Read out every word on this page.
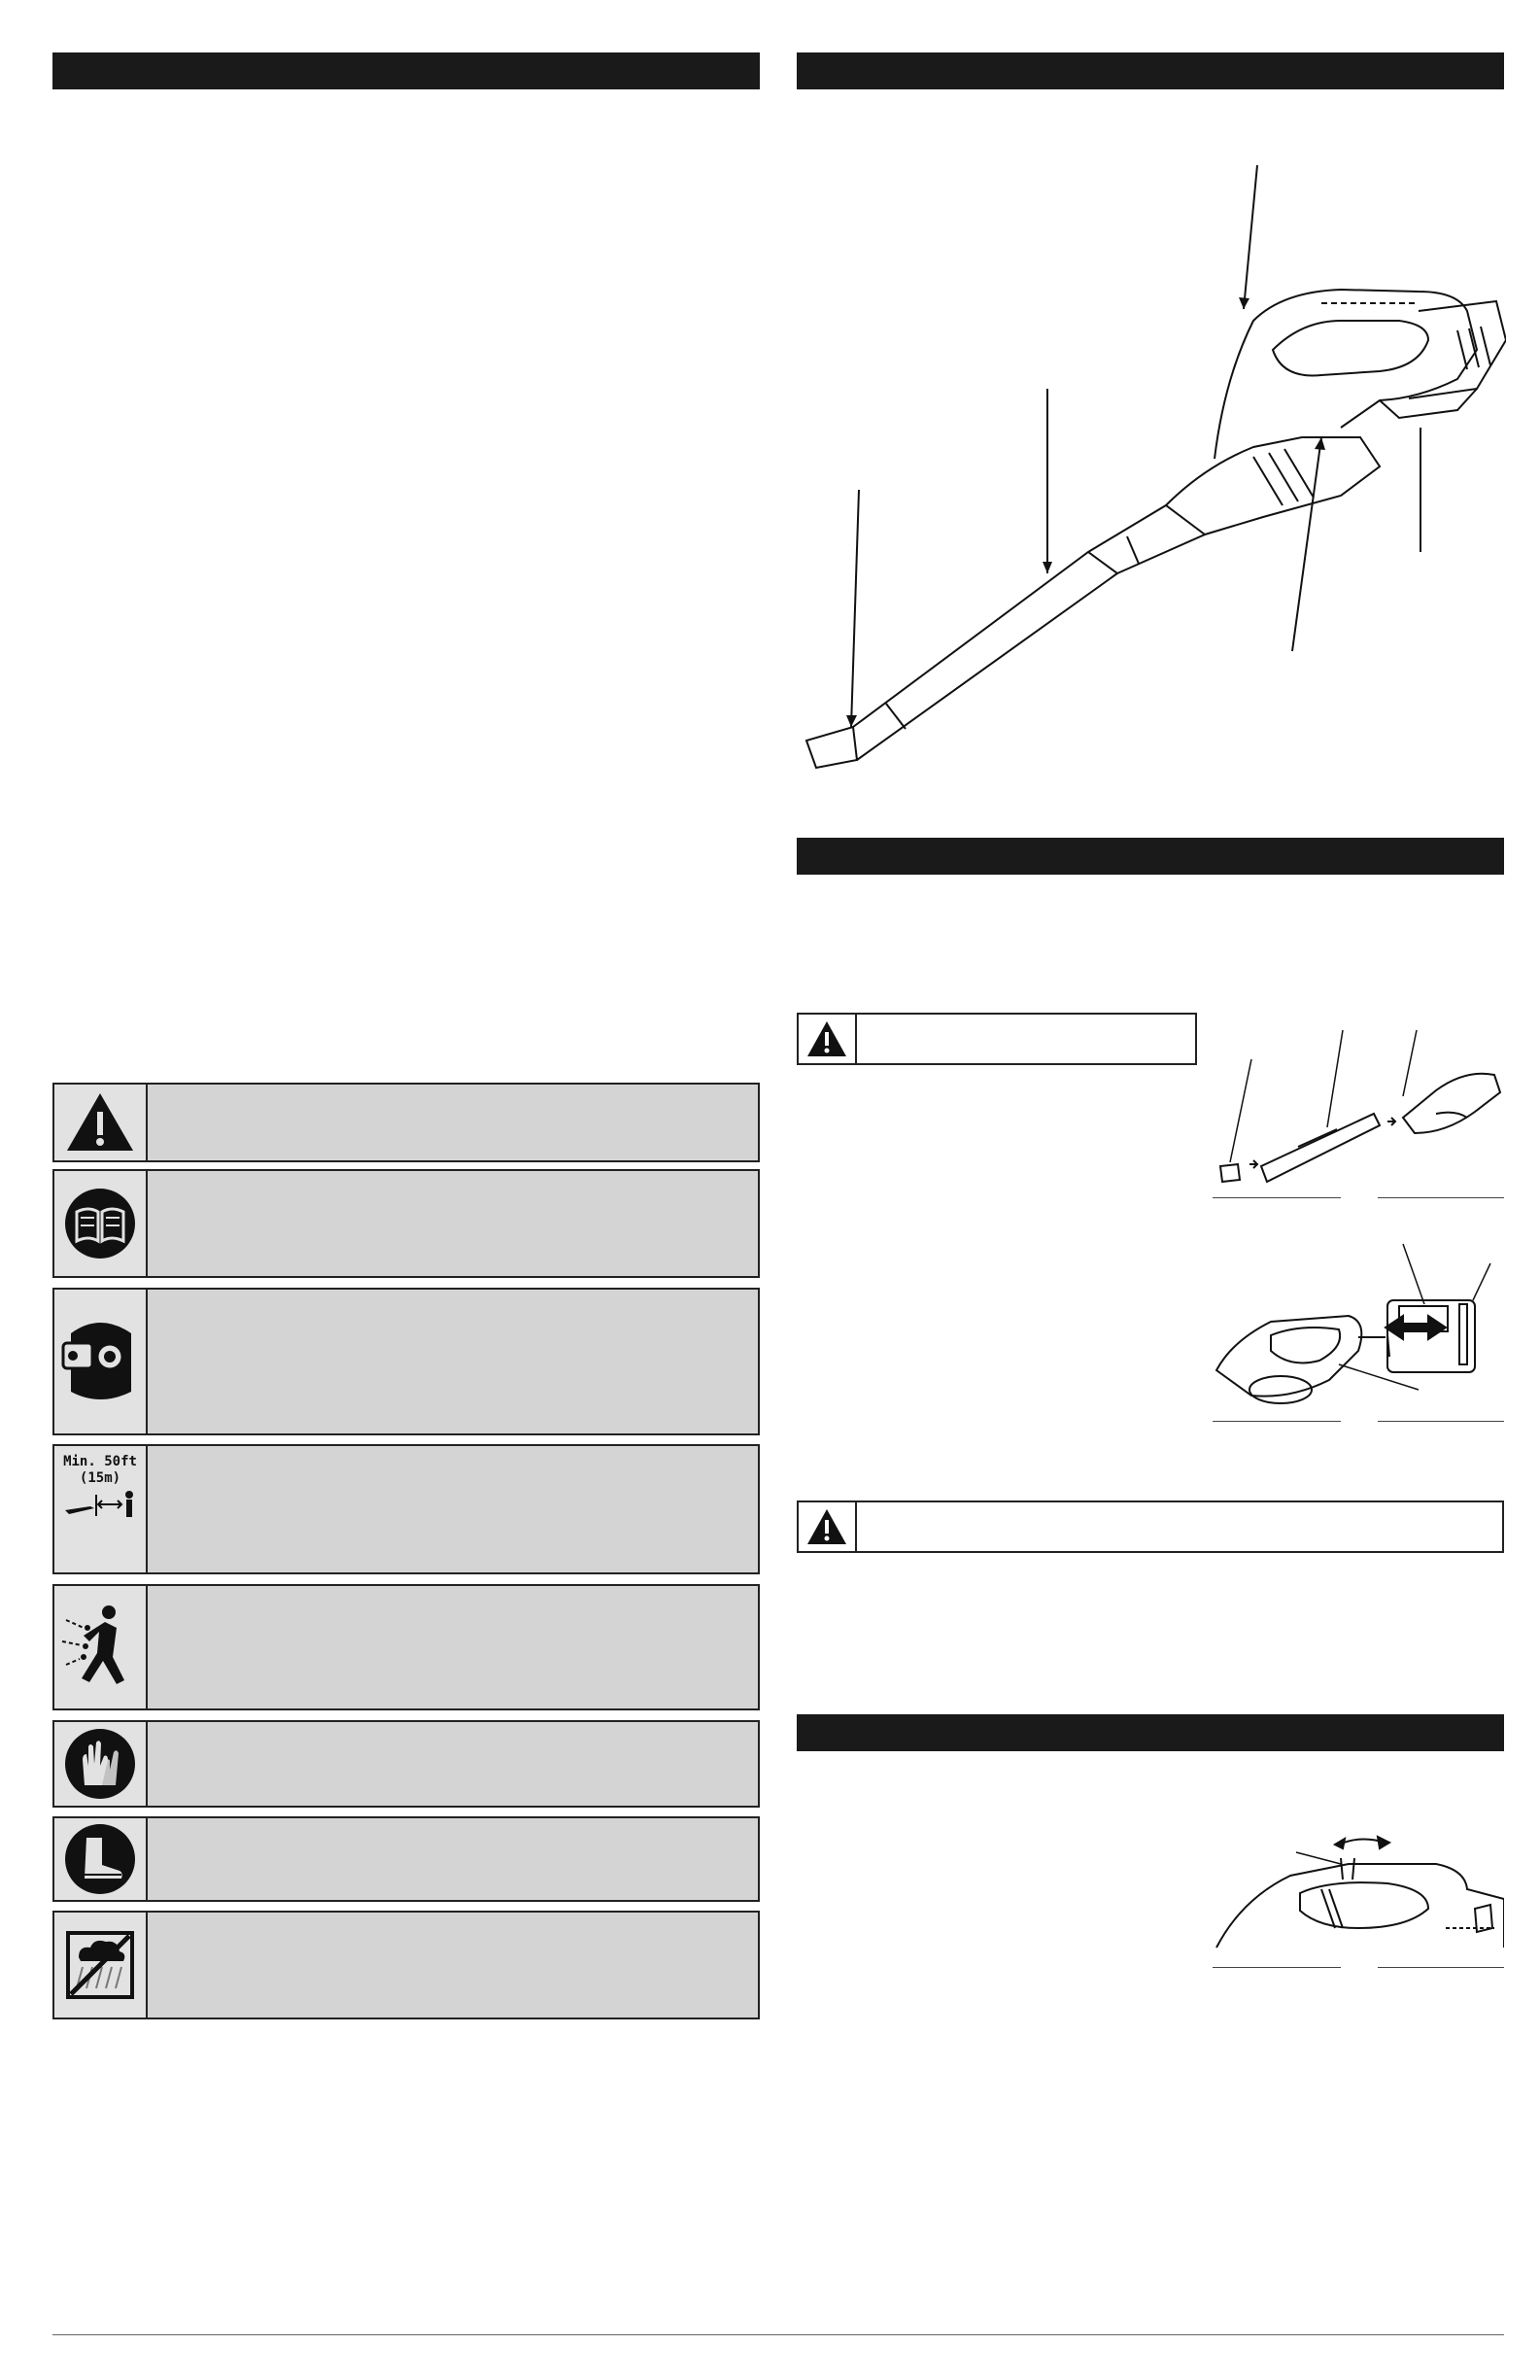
Min. 50ft
(15m)
